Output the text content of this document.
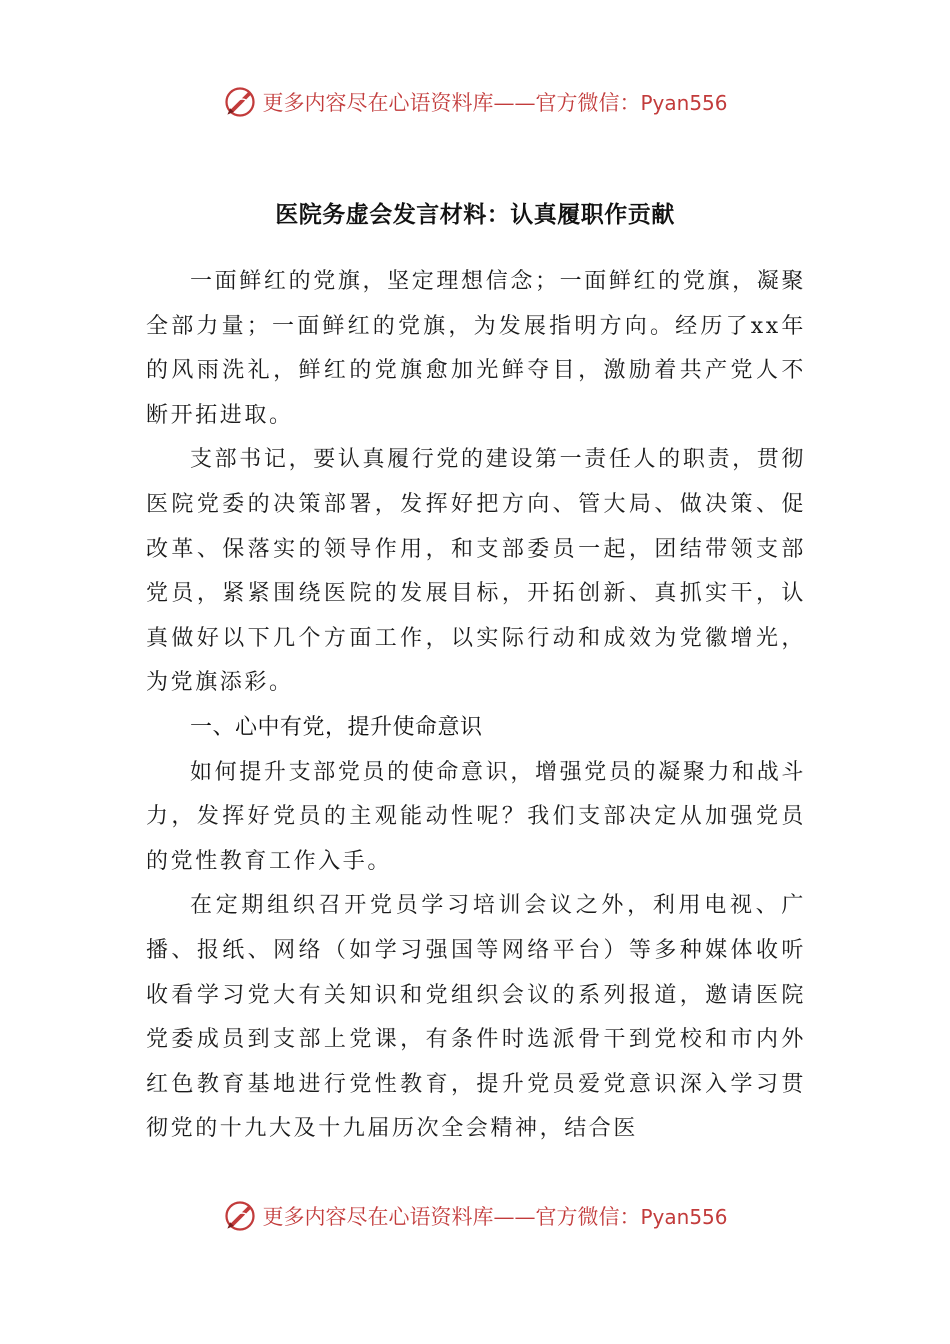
更多内容尽在心语资料库——官方微信：Pyan556
医院务虚会发言材料：认真履职作贡献

一面鲜红的党旗，坚定理想信念；一面鲜红的党旗，凝聚全部力量；一面鲜红的党旗，为发展指明方向。经历了xx年的风雨洗礼，鲜红的党旗愈加光鲜夺目，激励着共产党人不断开拓进取。

支部书记，要认真履行党的建设第一责任人的职责，贯彻医院党委的决策部署，发挥好把方向、管大局、做决策、促改革、保落实的领导作用，和支部委员一起，团结带领支部党员，紧紧围绕医院的发展目标，开拓创新、真抓实干，认真做好以下几个方面工作，以实际行动和成效为党徽增光，为党旗添彩。

一、心中有党，提升使命意识

如何提升支部党员的使命意识，增强党员的凝聚力和战斗力，发挥好党员的主观能动性呢？我们支部决定从加强党员的党性教育工作入手。

在定期组织召开党员学习培训会议之外，利用电视、广播、报纸、网络（如学习强国等网络平台）等多种媒体收听收看学习党大有关知识和党组织会议的系列报道，邀请医院党委成员到支部上党课，有条件时选派骨干到党校和市内外红色教育基地进行党性教育，提升党员爱党意识深入学习贯彻党的十九大及十九届历次全会精神，结合医

更多内容尽在心语资料库——官方微信：Pyan556
